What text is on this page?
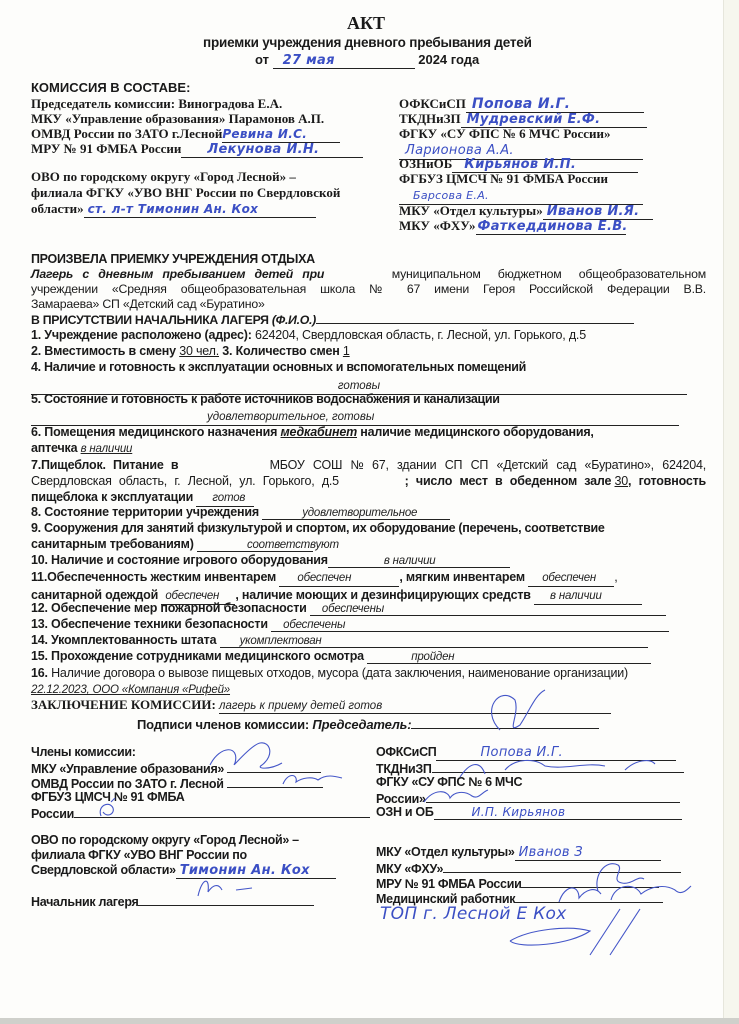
АКТ
приемки учреждения дневного пребывания детей
от 27 мая	2024 года
КОМИССИЯ В СОСТАВЕ:
Председатель комиссии: Виноградова Е.А.
МКУ «Управление образования» Парамонов А.П.
ОМВД России по ЗАТО г.ЛеснойРевина И.С.
МРУ № 91 ФМБА России Лекунова И.Н.
ОВО по городскому округу «Город Лесной» –
филиала ФГКУ «УВО ВНГ России по Свердловской
области» ст. л-т Тимонин Ан. Кох
ОФКСиСП Попова И.Г.
ТКДНиЗП Мудревский Е.Ф.
ФГКУ «СУ ФПС № 6 МЧС России»
Ларионова А.А.
ОЗНиОБ Кирьянов И.П.
ФГБУЗ ЦМСЧ № 91 ФМБА России
Барсова Е.А.
МКУ «Отдел культуры» Иванов И.Я.
МКУ «ФХУ» Фаткеддинова Е.В.
ПРОИЗВЕЛА ПРИЕМКУ УЧРЕЖДЕНИЯ ОТДЫХА
Лагерь с дневным пребыванием детей при	муниципальном бюджетном общеобразовательном
учреждении «Средняя общеобразовательная школа № 67 имени Героя Российской Федерации В.В.
Замараева» СП «Детский сад «Буратино»
В ПРИСУТСТВИИ НАЧАЛЬНИКА ЛАГЕРЯ (Ф.И.О.)
1. Учреждение расположено (адрес): 624204, Свердловская область, г. Лесной, ул. Горького, д.5
2. Вместимость в смену 30 чел. 3. Количество смен 1
4. Наличие и готовность к эксплуатации основных и вспомогательных помещений
готовы
5. Состояние и готовность к работе источников водоснабжения и канализации
удовлетворительное, готовы
6. Помещения медицинского назначения медкабинет наличие медицинского оборудования,
аптечка в наличии
7.Пищеблок. Питание в	МБОУ СОШ № 67, здании СП СП «Детский сад «Буратино», 624204,
Свердловская область, г. Лесной, ул. Горького, д.5	; число мест в обеденном зале 30, готовность
пищеблока к эксплуатации готов
8. Состояние территории учреждения	удовлетворительное
9. Сооружения для занятий физкультурой и спортом, их оборудование (перечень, соответствие
санитарным требованиям)	соответствуют
10. Наличие и состояние игрового оборудования	в наличии
11.Обеспеченность жестким инвентарем обеспечен	, мягким инвентарем обеспечен ,
санитарной одеждой обеспечен , наличие моющих и дезинфицирующих средств в наличии
12. Обеспечение мер пожарной безопасности обеспечены
13. Обеспечение техники безопасности обеспечены
14. Укомплектованность штата укомплектован
15. Прохождение сотрудниками медицинского осмотра	пройден
16. Наличие договора о вывозе пищевых отходов, мусора (дата заключения, наименование организации)
22.12.2023, ООО «Компания «Рифей»
ЗАКЛЮЧЕНИЕ КОМИССИИ: лагерь к приему детей готов
Подписи членов комиссии: Председатель:
Члены комиссии:
МКУ «Управление образования»
ОМВД России по ЗАТО г. Лесной
ФГБУЗ ЦМСЧ № 91 ФМБА
России
ОВО по городскому округу «Город Лесной» –
филиала ФГКУ «УВО ВНГ России по
Свердловской области» Тимонин Ан. Кох
Начальник лагеря
ОФКСиСП	Попова И.Г.
ТКДНиЗП
ФГКУ «СУ ФПС № 6 МЧС
России»
ОЗН и ОБ	И.П. Кирьянов
МКУ «Отдел культуры» Иванов З
МКУ «ФХУ»
МРУ № 91 ФМБА России
Медицинский работник
ТОП г. Лесной Е Кох
